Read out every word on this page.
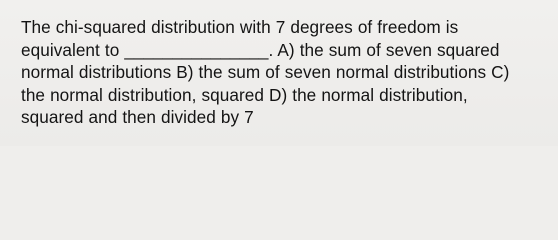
The chi-squared distribution with 7 degrees of freedom is
equivalent to _______________. A) the sum of seven squared
normal distributions B) the sum of seven normal distributions C)
the normal distribution, squared D) the normal distribution,
squared and then divided by 7
